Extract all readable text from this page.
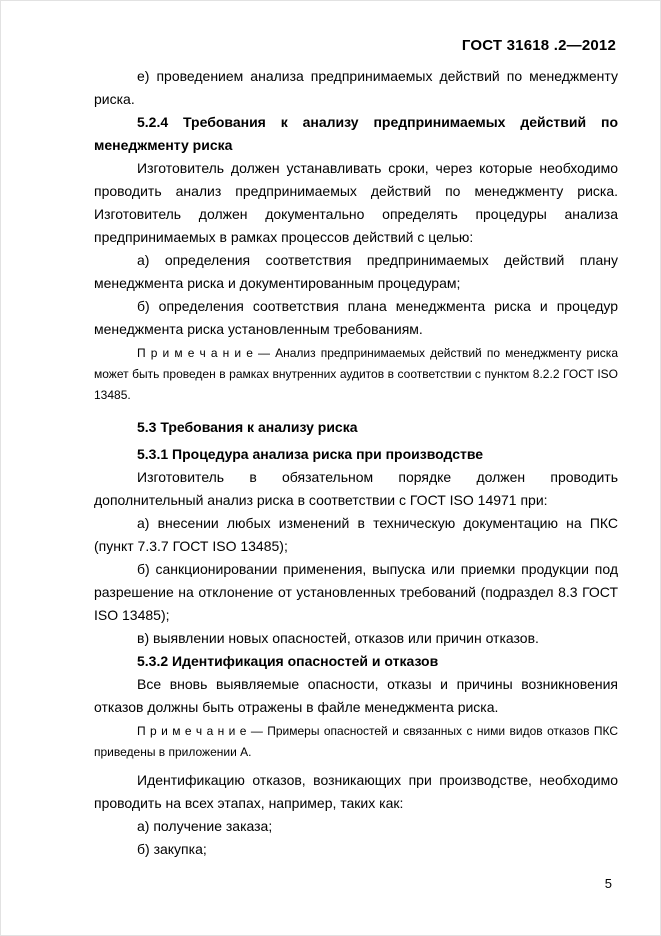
ГОСТ 31618 .2—2012

е) проведением анализа предпринимаемых действий по менеджменту риска.

5.2.4 Требования к анализу предпринимаемых действий по менеджменту риска

Изготовитель должен устанавливать сроки, через которые необходимо проводить анализ предпринимаемых действий по менеджменту риска. Изготовитель должен документально определять процедуры анализа предпринимаемых в рамках процессов действий с целью:

а) определения соответствия предпринимаемых действий плану менеджмента риска и документированным процедурам;

б) определения соответствия плана менеджмента риска и процедур менеджмента риска установленным требованиям.

П р и м е ч а н и е — Анализ предпринимаемых действий по менеджменту риска может быть проведен в рамках внутренних аудитов в соответствии с пунктом 8.2.2 ГОСТ ISO 13485.

5.3 Требования к анализу риска

5.3.1 Процедура анализа риска при производстве

Изготовитель в обязательном порядке должен проводить дополнительный анализ риска в соответствии с ГОСТ ISO 14971 при:

а) внесении любых изменений в техническую документацию на ПКС (пункт 7.3.7 ГОСТ ISO 13485);

б) санкционировании применения, выпуска или приемки продукции под разрешение на отклонение от установленных требований (подраздел 8.3 ГОСТ ISO 13485);

в) выявлении новых опасностей, отказов или причин отказов.

5.3.2 Идентификация опасностей и отказов

Все вновь выявляемые опасности, отказы и причины возникновения отказов должны быть отражены в файле менеджмента риска.

П р и м е ч а н и е — Примеры опасностей и связанных с ними видов отказов ПКС приведены в приложении А.

Идентификацию отказов, возникающих при производстве, необходимо проводить на всех этапах, например, таких как:

а) получение заказа;

б) закупка;

5
